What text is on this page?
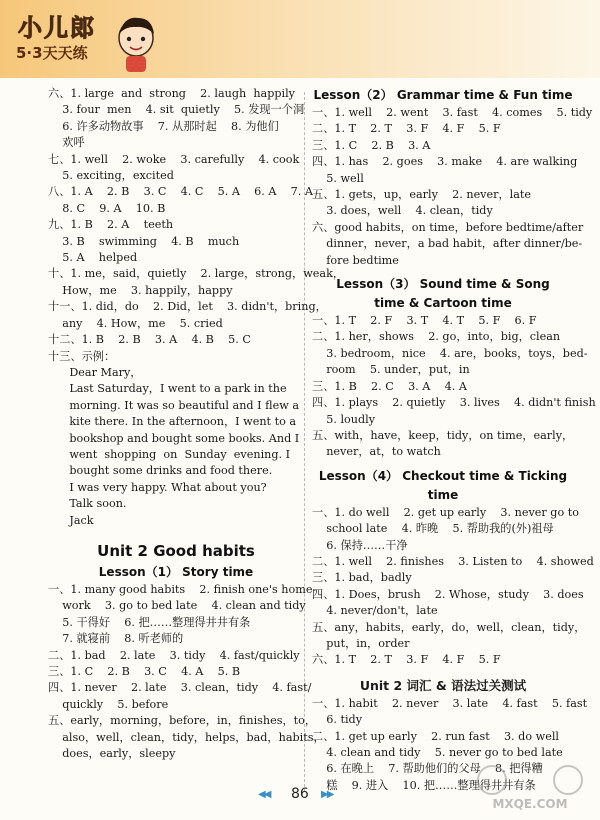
小儿郎
5·3天天练
六、1. large  and  strong    2. laugh  happily
3. four  men    4. sit  quietly    5. 发现一个洞
6. 许多动物故事    7. 从那时起    8. 为他们
欢呼
七、1. well    2. woke    3. carefully    4. cook
5. exciting，excited
八、1. A    2. B    3. C    4. C    5. A    6. A    7. A
8. C    9. A    10. B
九、1. B    2. A    teeth
3. B    swimming    4. B    much
5. A    helped
十、1. me，said，quietly    2. large，strong，weak，
How，me    3. happily，happy
十一、1. did，do    2. Did，let    3. didn't，bring，
any    4. How，me    5. cried
十二、1. B    2. B    3. A    4. B    5. C
十三、示例：
Dear Mary，
Last Saturday，I went to a park in the
morning. It was so beautiful and I flew a
kite there. In the afternoon，I went to a
bookshop and bought some books. And I
went  shopping  on  Sunday  evening. I
bought some drinks and food there.
I was very happy. What about you?
Talk soon.
Jack
Unit 2 Good habits
Lesson（1） Story time
一、1. many good habits    2. finish one's home-
work    3. go to bed late    4. clean and tidy
5. 干得好    6. 把……整理得井井有条
7. 就寝前    8. 听老师的
二、1. bad    2. late    3. tidy    4. fast/quickly
三、1. C    2. B    3. C    4. A    5. B
四、1. never    2. late    3. clean，tidy    4. fast/
quickly    5. before
五、early，morning，before，in，finishes，to，
also，well，clean，tidy，helps，bad，habits，
does，early，sleepy
Lesson（2） Grammar time & Fun time
一、1. well    2. went    3. fast    4. comes    5. tidy
二、1. T    2. T    3. F    4. F    5. F
三、1. C    2. B    3. A
四、1. has    2. goes    3. make    4. are walking
5. well
五、1. gets，up，early    2. never，late
3. does，well    4. clean，tidy
六、good habits，on time，before bedtime/after
dinner，never，a bad habit，after dinner/be-
fore bedtime
Lesson（3） Sound time & Song
time & Cartoon time
一、1. T    2. F    3. T    4. T    5. F    6. F
二、1. her，shows    2. go，into，big，clean
3. bedroom，nice    4. are，books，toys，bed-
room    5. under，put，in
三、1. B    2. C    3. A    4. A
四、1. plays    2. quietly    3. lives    4. didn't finish
5. loudly
五、with，have，keep，tidy，on time，early，
never，at，to watch
Lesson（4） Checkout time & Ticking time
一、1. do well    2. get up early    3. never go to
school late    4. 昨晚    5. 帮助我的(外)祖母
6. 保持……干净
二、1. well    2. finishes    3. Listen to    4. showed
三、1. bad，badly
四、1. Does，brush    2. Whose，study    3. does
4. never/don't，late
五、any，habits，early，do，well，clean，tidy，
put，in，order
六、1. T    2. T    3. F    4. F    5. F
Unit 2 词汇 & 语法过关测试
一、1. habit    2. never    3. late    4. fast    5. fast
6. tidy
二、1. get up early    2. run fast    3. do well
4. clean and tidy    5. never go to bed late
6. 在晚上    7. 帮助他们的父母    8. 把得糟
糕    9. 进入    10. 把……整理得井井有条
◀◀ 86 ▶▶
MXQE.COM
